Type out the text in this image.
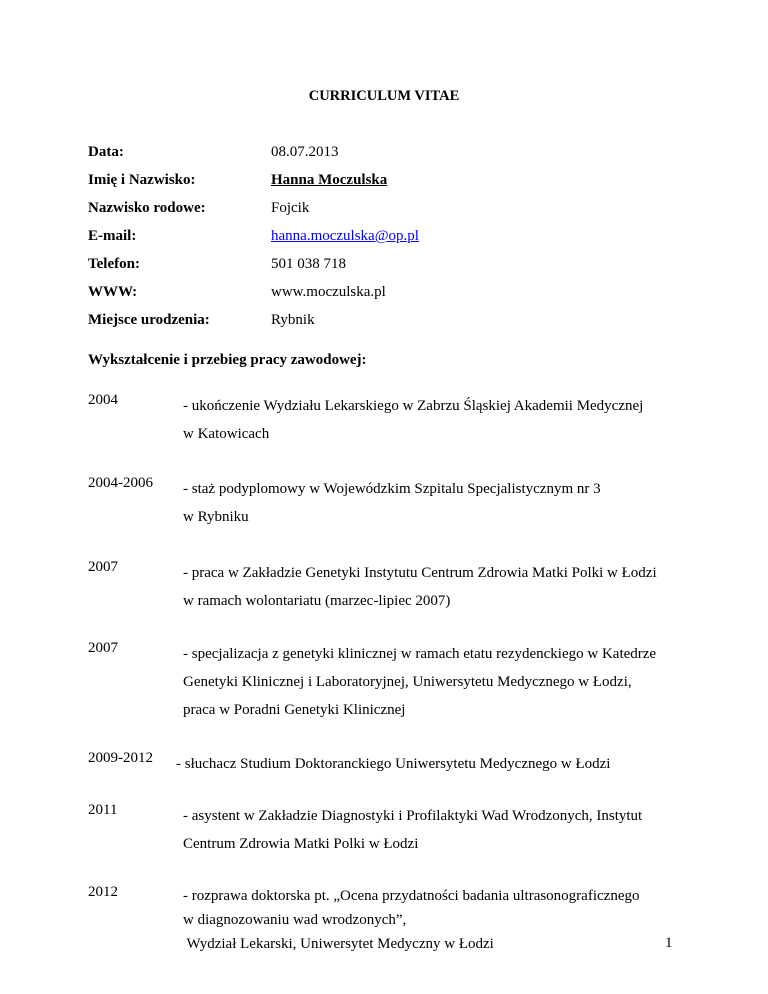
CURRICULUM VITAE
Data:	08.07.2013
Imię i Nazwisko:	Hanna Moczulska
Nazwisko rodowe:	Fojcik
E-mail:	hanna.moczulska@op.pl
Telefon:	501 038 718
WWW:	www.moczulska.pl
Miejsce urodzenia:	Rybnik
Wykształcenie i przebieg pracy zawodowej:
2004	- ukończenie Wydziału Lekarskiego w Zabrzu Śląskiej Akademii Medycznej
w Katowicach
2004-2006 - staż podyplomowy w Wojewódzkim Szpitalu Specjalistycznym nr 3
w Rybniku
2007	- praca w Zakładzie Genetyki Instytutu Centrum Zdrowia Matki Polki w Łodzi
w ramach wolontariatu (marzec-lipiec 2007)
2007	- specjalizacja z genetyki klinicznej w ramach etatu rezydenckiego w Katedrze
Genetyki Klinicznej i Laboratoryjnej, Uniwersytetu Medycznego w Łodzi,
praca w Poradni Genetyki Klinicznej
2009-2012 - słuchacz Studium Doktoranckiego Uniwersytetu Medycznego w Łodzi
2011	- asystent w Zakładzie Diagnostyki i Profilaktyki Wad Wrodzonych, Instytut
Centrum Zdrowia Matki Polki w Łodzi
2012	- rozprawa doktorska pt. „Ocena przydatności badania ultrasonograficznego
w diagnozowaniu wad wrodzonych”,
Wydział Lekarski, Uniwersytet Medyczny w Łodzi	1
